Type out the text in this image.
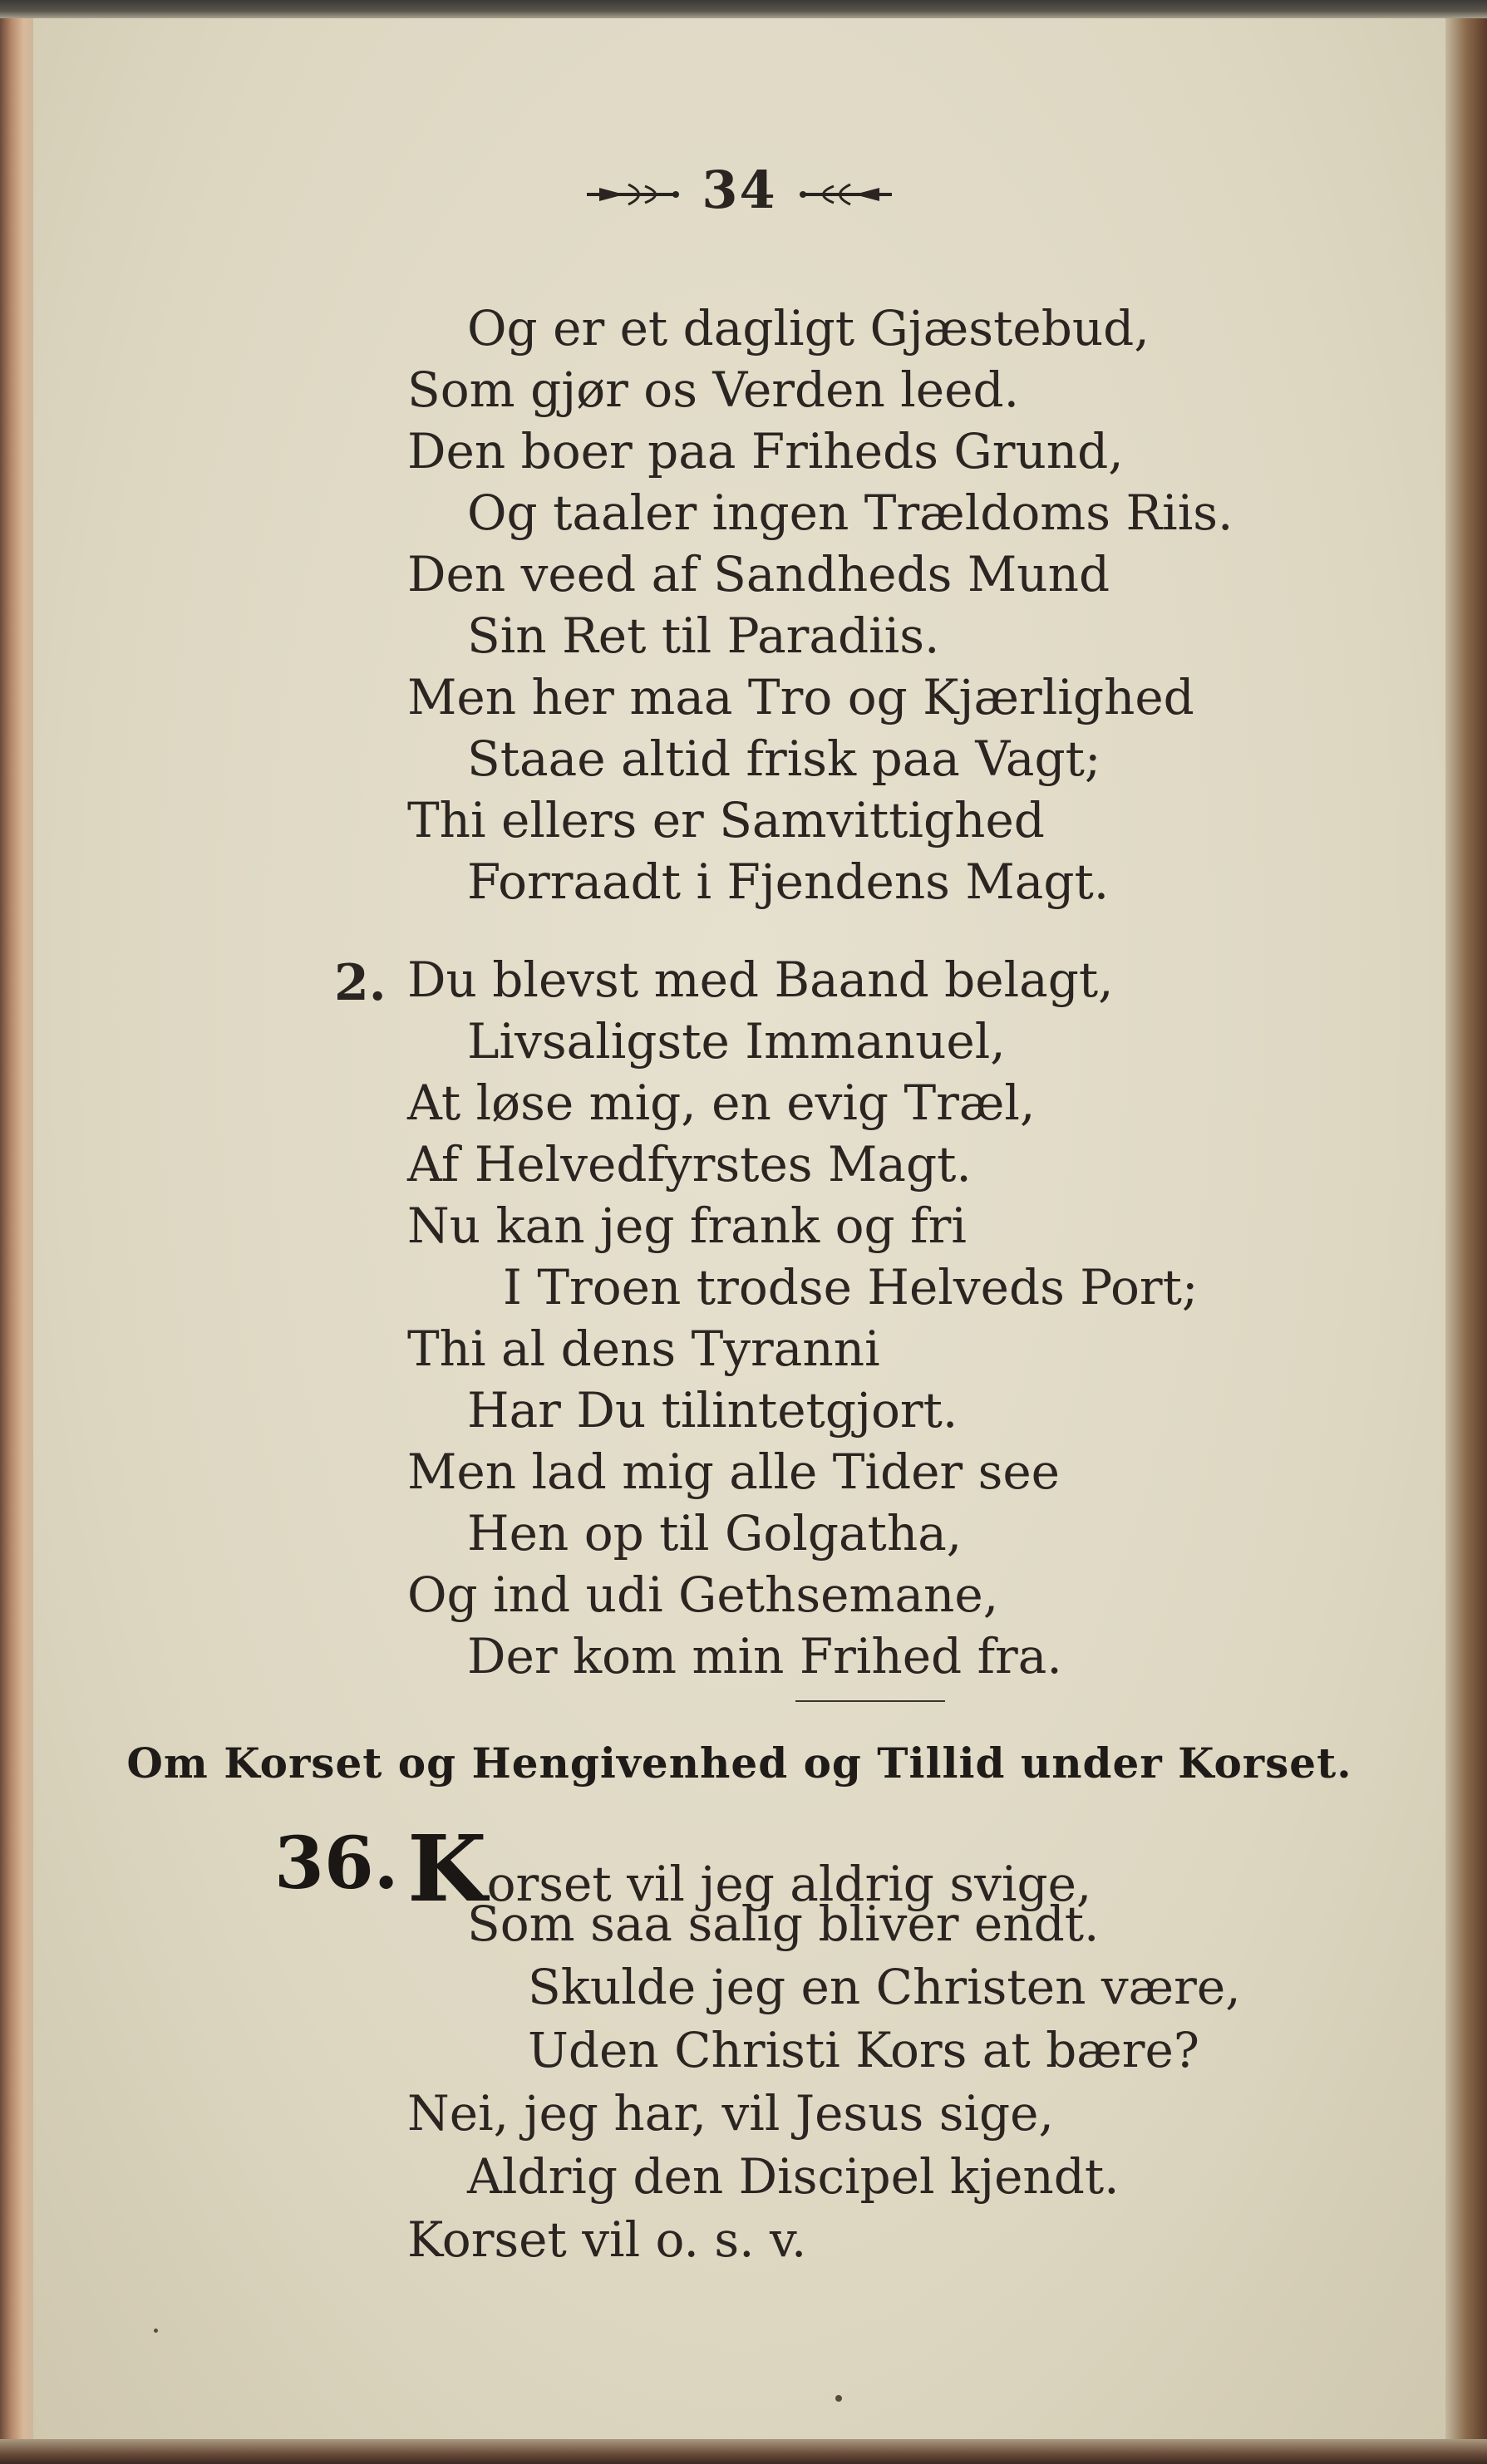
34
Og er et dagligt Gjæstebud,
Som gjør os Verden leed.
Den boer paa Friheds Grund,
Og taaler ingen Trældoms Riis.
Den veed af Sandheds Mund
Sin Ret til Paradiis.
Men her maa Tro og Kjærlighed
Staae altid frisk paa Vagt;
Thi ellers er Samvittighed
Forraadt i Fjendens Magt.
2. Du blevst med Baand belagt,
Livsaligste Immanuel,
At løse mig, en evig Træl,
Af Helvedfyrstes Magt.
Nu kan jeg frank og fri
I Troen trodse Helveds Port;
Thi al dens Tyranni
Har Du tilintetgjort.
Men lad mig alle Tider see
Hen op til Golgatha,
Og ind udi Gethsemane,
Der kom min Frihed fra.
Om Korset og Hengivenhed og Tillid under Korset.
36. Korset vil jeg aldrig svige,
Som saa salig bliver endt.
Skulde jeg en Christen være,
Uden Christi Kors at bære?
Nei, jeg har, vil Jesus sige,
Aldrig den Discipel kjendt.
Korset vil o. s. v.
